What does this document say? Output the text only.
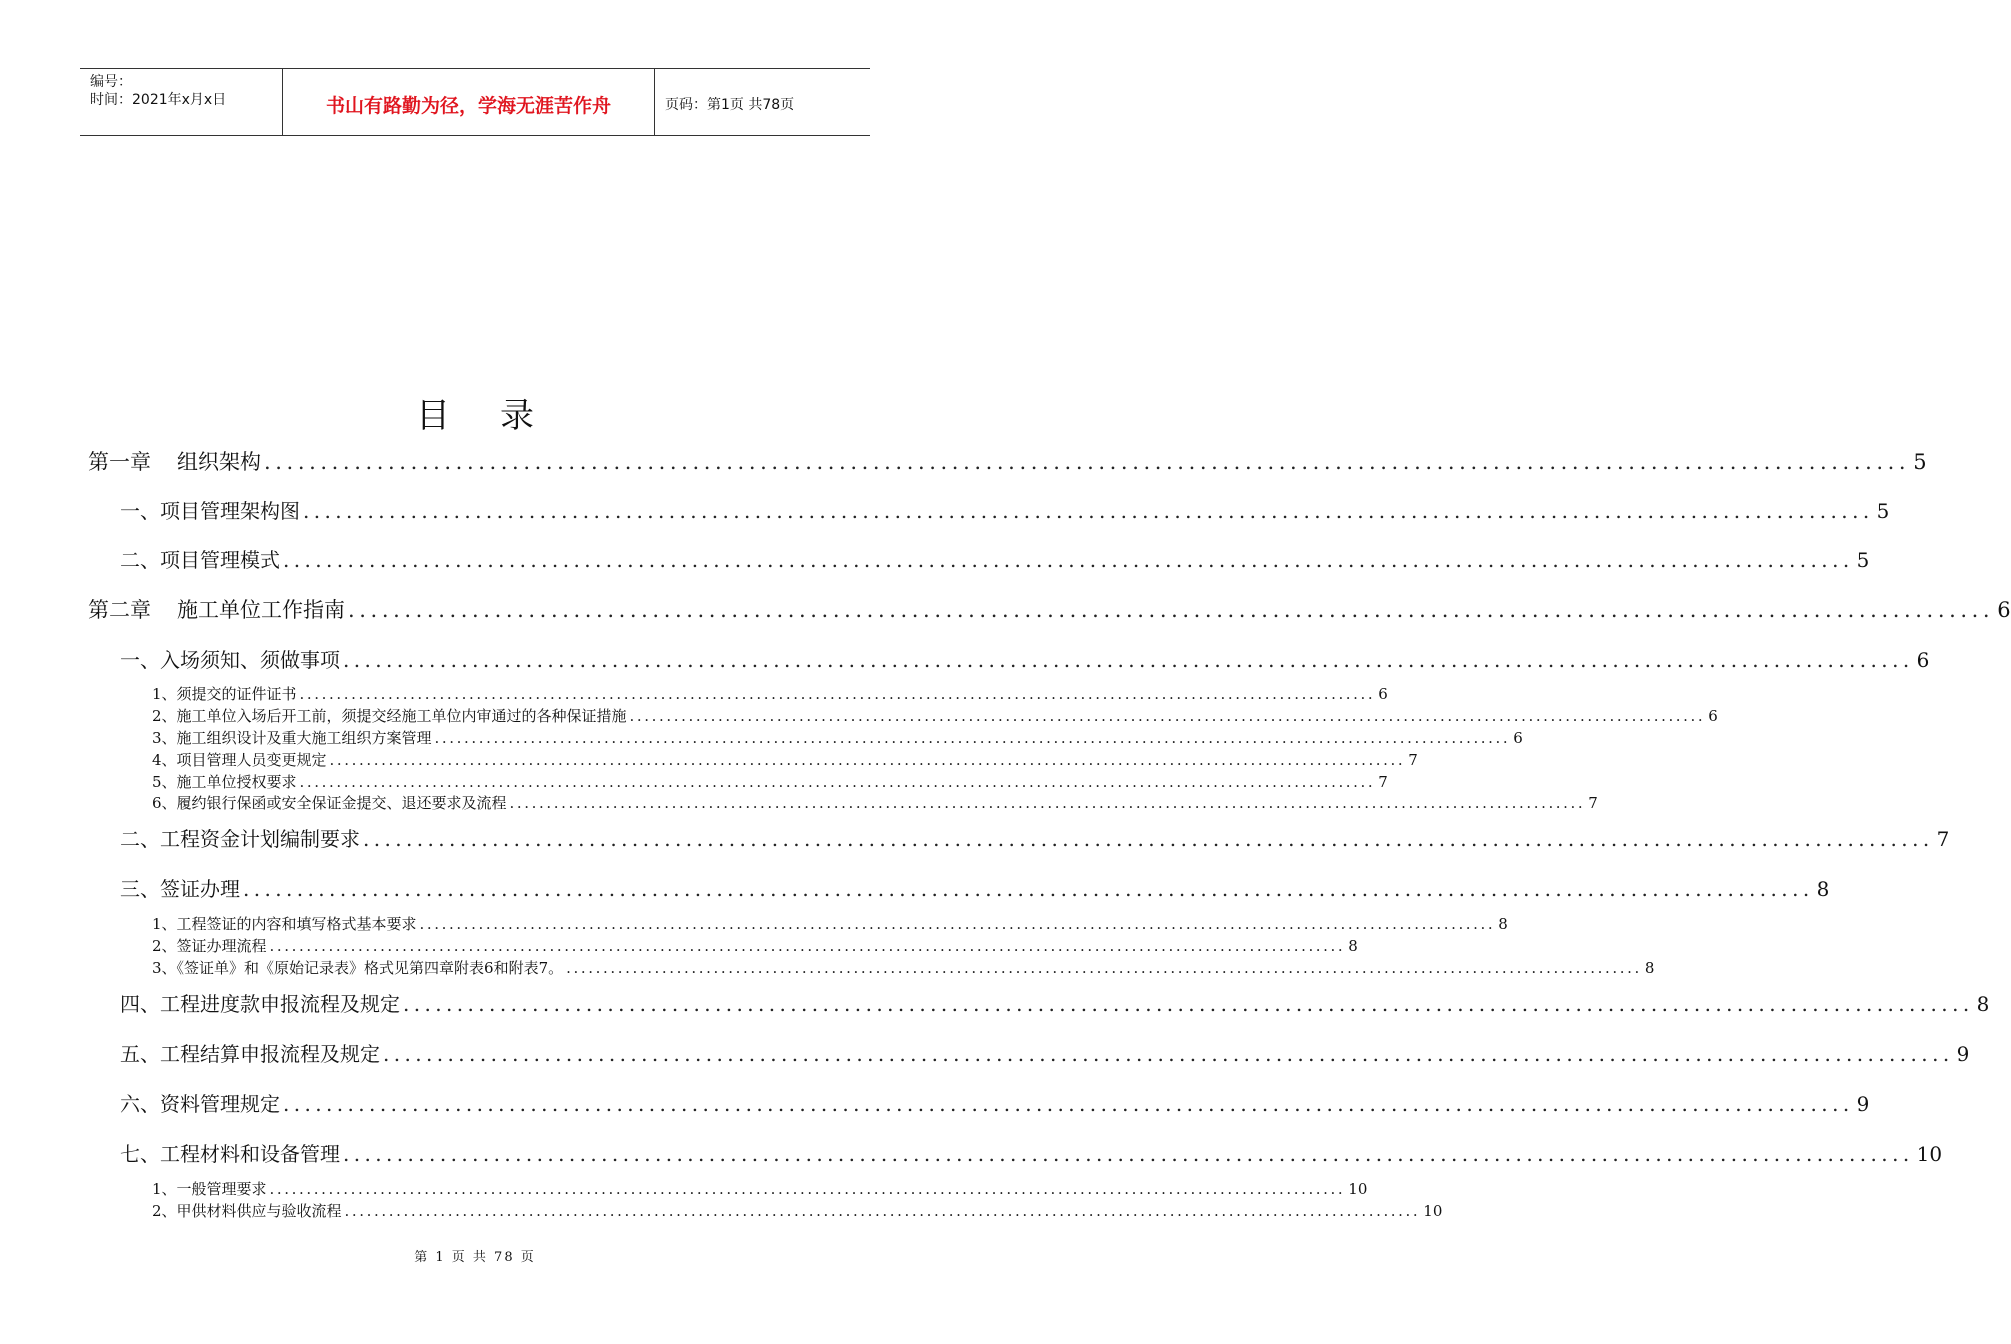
编号：
时间：2021年x月x日	书山有路勤为径，学海无涯苦作舟	页码：第1页 共78页
目录
第一章 组织架构 .................................................................................................................................................. 5
一、项目管理架构图 .................................................................................................................................................. 5
二、项目管理模式 .................................................................................................................................................. 5
第二章 施工单位工作指南 .................................................................................................................................................. 6
一、入场须知、须做事项 .................................................................................................................................................. 6
1、须提交的证件证书 .................................................................................................................................................. 6
2、施工单位入场后开工前，须提交经施工单位内审通过的各种保证措施 .................................................................................................................................................. 6
3、施工组织设计及重大施工组织方案管理 .................................................................................................................................................. 6
4、项目管理人员变更规定 .................................................................................................................................................. 7
5、施工单位授权要求 .................................................................................................................................................. 7
6、履约银行保函或安全保证金提交、退还要求及流程 .................................................................................................................................................. 7
二、工程资金计划编制要求 .................................................................................................................................................. 7
三、签证办理 .................................................................................................................................................. 8
1、工程签证的内容和填写格式基本要求 .................................................................................................................................................. 8
2、签证办理流程 .................................................................................................................................................. 8
3、《签证单》和《原始记录表》格式见第四章附表6和附表7。 .................................................................................................................................................. 8
四、工程进度款申报流程及规定 .................................................................................................................................................. 8
五、工程结算申报流程及规定 .................................................................................................................................................. 9
六、资料管理规定 .................................................................................................................................................. 9
七、工程材料和设备管理 .................................................................................................................................................. 10
1、一般管理要求 .................................................................................................................................................. 10
2、甲供材料供应与验收流程 .................................................................................................................................................. 10
第 1 页 共 78 页
